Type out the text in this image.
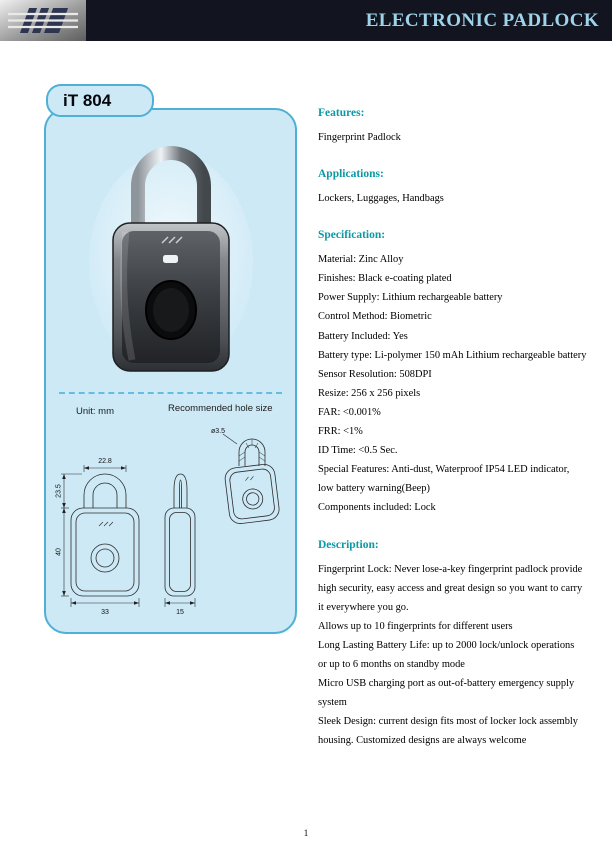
ELECTRONIC PADLOCK
iT 804
Unit: mm	Recommended hole size
22.8
23.5
40
33	15
ø3.5
Features:

Fingerprint Padlock

Applications:

Lockers, Luggages, Handbags

Specification:

Material: Zinc Alloy

Finishes: Black e-coating plated

Power Supply: Lithium rechargeable battery

Control Method: Biometric

Battery Included: Yes

Battery type: Li-polymer 150 mAh Lithium rechargeable battery

Sensor Resolution: 508DPI

Resize: 256 x 256 pixels

FAR: <0.001%

FRR: <1%

ID Time: <0.5 Sec.

Special Features: Anti-dust, Waterproof IP54 LED indicator,

low battery warning(Beep)

Components included: Lock

Description:

Fingerprint Lock: Never lose-a-key fingerprint padlock provide

high security, easy access and great design so you want to carry

it everywhere you go.

Allows up to 10 fingerprints for different users

Long Lasting Battery Life: up to 2000 lock/unlock operations

or up to 6 months on standby mode

Micro USB charging port as out-of-battery emergency supply

system

Sleek Design: current design fits most of locker lock assembly

housing. Customized designs are always welcome

1
